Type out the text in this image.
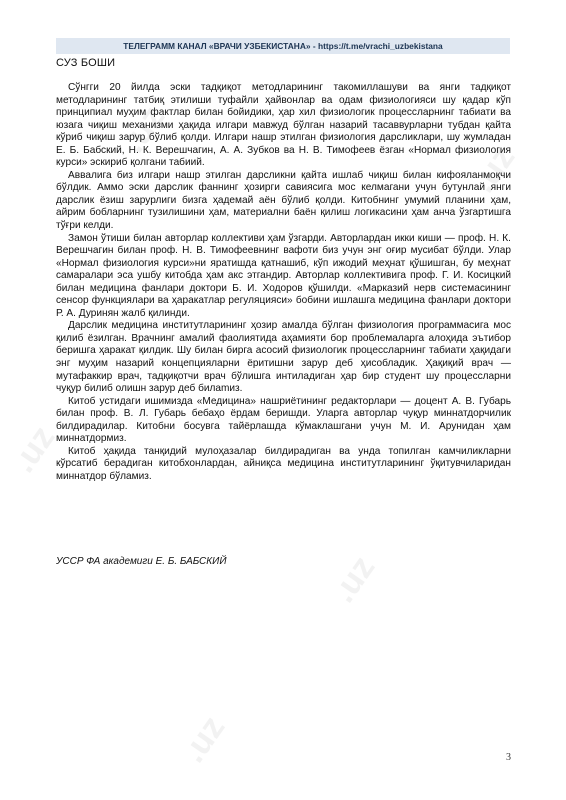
.uz
.uz
.uz
.uz
.uz
ТЕЛЕГРАММ КАНАЛ «ВРАЧИ УЗБЕКИСТАНА» - https://t.me/vrachi_uzbekistana
СУЗ БОШИ

Сўнгги 20 йилда эски тадқиқот методларининг такомиллашуви ва янги тадқиқот методларининг татбиқ этилиши туфайли ҳайвонлар ва одам физиологияси шу қадар кўп принципиал муҳим фактлар билан бойидики, ҳар хил физиологик процессларнинг табиати ва юзага чиқиш механизми ҳақида илгари мавжуд бўлган назарий тасаввурларни тубдан қайта кўриб чиқиш зарур бўлиб қолди. Илгари нашр этилган физиология дарсликлари, шу жумладан Е. Б. Бабский, Н. К. Верешчагин, А. А. Зубков ва Н. В. Тимофеев ёзган «Нормал физиология курси» эскириб қолгани табиий.

Аввалига биз илгари нашр этилган дарсликни қайта ишлаб чиқиш билан кифояланмоқчи бўлдик. Аммо эски дарслик фаннинг ҳозирги савиясига мос келмагани учун бутунлай янги дарслик ёзиш зарурлиги бизга ҳадемай аён бўлиб қолди. Китобнинг умумий планини ҳам, айрим бобларнинг тузилишини ҳам, материални баён қилиш логикасини ҳам анча ўзгартишга тўғри келди.

Замон ўтиши билан авторлар коллективи ҳам ўзгарди. Авторлардан икки киши — проф. Н. К. Верешчагин билан проф. Н. В. Тимофеевнинг вафоти биз учун энг оғир мусибат бўлди. Улар «Нормал физиология курси»ни яратишда қатнашиб, кўп ижодий меҳнат қўшишган, бу меҳнат самаралари эса ушбу китобда ҳам акс этгандир. Авторлар коллективига проф. Г. И. Косицкий билан медицина фанлари доктори Б. И. Ходоров қўшилди. «Марказий нерв системасининг сенсор функциялари ва ҳаракатлар регуляцияси» бобини ишлашга медицина фанлари доктори Р. А. Дуринян жалб қилинди.

Дарслик медицина институтларининг ҳозир амалда бўлган физиология программасига мос қилиб ёзилган. Врачнинг амалий фаолиятида аҳамияти бор проблемаларга алоҳида эътибор беришга ҳаракат қилдик. Шу билан бирга асосий физиологик процессларнинг табиати ҳақидаги энг муҳим назарий концепцияларни ёритишни зарур деб ҳисобладик. Ҳақиқий врач — мутафаккир врач, тадқиқотчи врач бўлишга интиладиган ҳар бир студент шу процессларни чуқур билиб олишн зарур деб билamиз.

Китоб устидаги ишимизда «Медицина» нашриётининг редакторлари — доцент А. В. Губарь билан проф. В. Л. Губарь бебаҳо ёрдам беришди. Уларга авторлар чуқур миннатдорчилик билдирадилар. Китобни босувга тайёрлашда кўмаклашгани учун М. И. Арунидан ҳам миннатдормиз.

Китоб ҳақида танқидий мулоҳазалар билдирадиган ва унда топилган камчиликларни кўрсатиб берадиган китобхонлардан, айниқса медицина институтларининг ўқитувчиларидан миннатдор бўламиз.

УССР ФА академиги Е. Б. БАБСКИЙ
3
